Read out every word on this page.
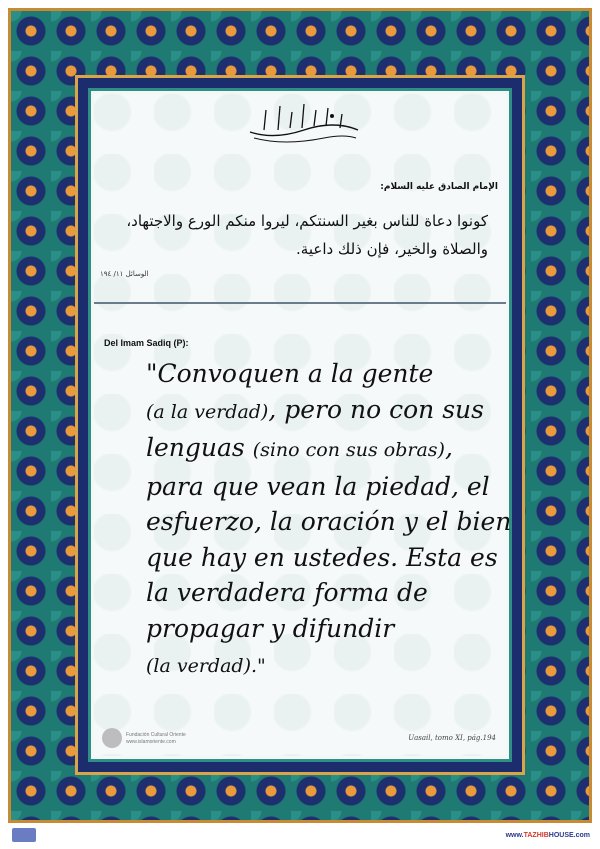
الإمام الصادق عليه السلام:
كونوا دعاة للناس بغير السنتكم، ليروا منكم الورع والاجتهاد،
والصلاة والخير، فإن ذلك داعية.
الوسائل ١١/ ١٩٤
Del Imam Sadiq (P):
"Convoquen a la gente
(a la verdad), pero no con sus
lenguas (sino con sus obras),
para que vean la piedad, el
esfuerzo, la oración y el bien
que hay en ustedes. Esta es
la verdadera forma de
propagar y difundir
(la verdad)."
Fundación Cultural Oriente
www.islamoriente.com	Uasail, tomo XI, pág.194
www.TAZHIBHOUSE.com
